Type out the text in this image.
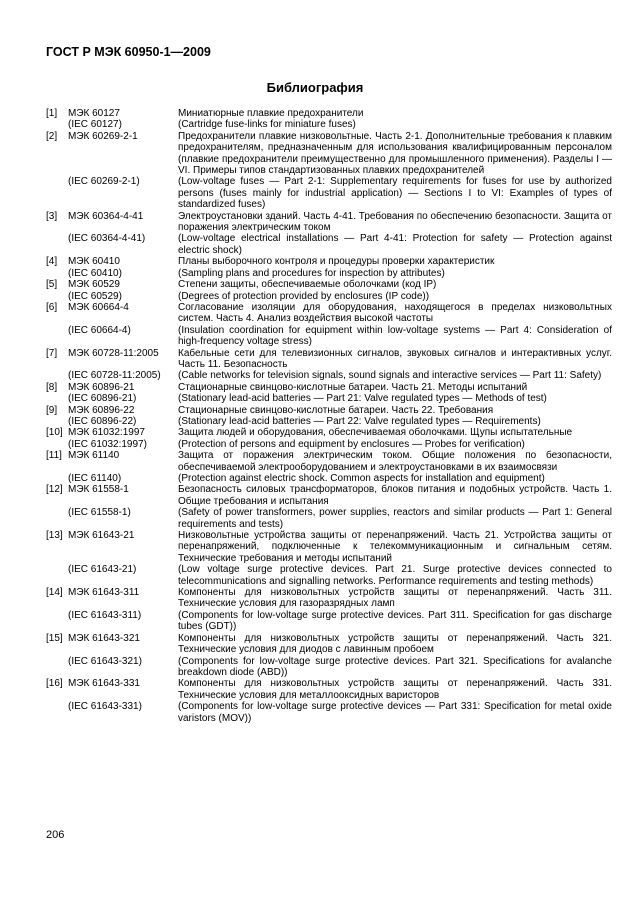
ГОСТ Р МЭК 60950-1—2009
Библиография
[1]	МЭК 60127	Миниатюрные плавкие предохранители
(IEC 60127)	(Cartridge fuse-links for miniature fuses)
[2]	МЭК 60269-2-1	Предохранители плавкие низковольтные. Часть 2-1. Дополнительные требования к плавким предохранителям, предназначенным для использования квалифицированным персоналом (плавкие предохранители преимущественно для промышленного применения). Разделы I — VI. Примеры типов стандартизованных плавких предохранителей
(IEC 60269-2-1)	(Low-voltage fuses — Part 2-1: Supplementary requirements for fuses for use by authorized persons (fuses mainly for industrial application) — Sections I to VI: Examples of types of standardized fuses)
[3]	МЭК 60364-4-41	Электроустановки зданий. Часть 4-41. Требования по обеспечению безопасности. Защита от поражения электрическим током
(IEC 60364-4-41)	(Low-voltage electrical installations — Part 4-41: Protection for safety — Protection against electric shock)
[4]	МЭК 60410	Планы выборочного контроля и процедуры проверки характеристик
(IEC 60410)	(Sampling plans and procedures for inspection by attributes)
[5]	МЭК 60529	Степени защиты, обеспечиваемые оболочками (код IP)
(IEC 60529)	(Degrees of protection provided by enclosures (IP code))
[6]	МЭК 60664-4	Согласование изоляции для оборудования, находящегося в пределах низковольтных систем. Часть 4. Анализ воздействия высокой частоты
(IEC 60664-4)	(Insulation coordination for equipment within low-voltage systems — Part 4: Consideration of high-frequency voltage stress)
[7]	МЭК 60728-11:2005	Кабельные сети для телевизионных сигналов, звуковых сигналов и интерактивных услуг. Часть 11. Безопасность
(IEC 60728-11:2005)	(Cable networks for television signals, sound signals and interactive services — Part 11: Safety)
[8]	МЭК 60896-21	Стационарные свинцово-кислотные батареи. Часть 21. Методы испытаний
(IEC 60896-21)	(Stationary lead-acid batteries — Part 21: Valve regulated types — Methods of test)
[9]	МЭК 60896-22	Стационарные свинцово-кислотные батареи. Часть 22. Требования
(IEC 60896-22)	(Stationary lead-acid batteries — Part 22: Valve regulated types — Requirements)
[10] МЭК 61032:1997	Защита людей и оборудования, обеспечиваемая оболочками. Щупы испытательные
(IEC 61032:1997)	(Protection of persons and equipment by enclosures — Probes for verification)
[11] МЭК 61140	Защита от поражения электрическим током. Общие положения по безопасности, обеспечиваемой электрооборудованием и электроустановками в их взаимосвязи
(IEC 61140)	(Protection against electric shock. Common aspects for installation and equipment)
[12] МЭК 61558-1	Безопасность силовых трансформаторов, блоков питания и подобных устройств. Часть 1. Общие требования и испытания
(IEC 61558-1)	(Safety of power transformers, power supplies, reactors and similar products — Part 1: General requirements and tests)
[13] МЭК 61643-21	Низковольтные устройства защиты от перенапряжений. Часть 21. Устройства защиты от перенапряжений, подключенные к телекоммуникационным и сигнальным сетям. Технические требования и методы испытаний
(IEC 61643-21)	(Low voltage surge protective devices. Part 21. Surge protective devices connected to telecommunications and signalling networks. Performance requirements and testing methods)
[14] МЭК 61643-311	Компоненты для низковольтных устройств защиты от перенапряжений. Часть 311. Технические условия для газоразрядных ламп
(IEC 61643-311)	(Components for low-voltage surge protective devices. Part 311. Specification for gas discharge tubes (GDT))
[15] МЭК 61643-321	Компоненты для низковольтных устройств защиты от перенапряжений. Часть 321. Технические условия для диодов с лавинным пробоем
(IEC 61643-321)	(Components for low-voltage surge protective devices. Part 321. Specifications for avalanche breakdown diode (ABD))
[16] МЭК 61643-331	Компоненты для низковольтных устройств защиты от перенапряжений. Часть 331. Технические условия для металлооксидных варисторов
(IEC 61643-331)	(Components for low-voltage surge protective devices — Part 331: Specification for metal oxide varistors (MOV))
206
